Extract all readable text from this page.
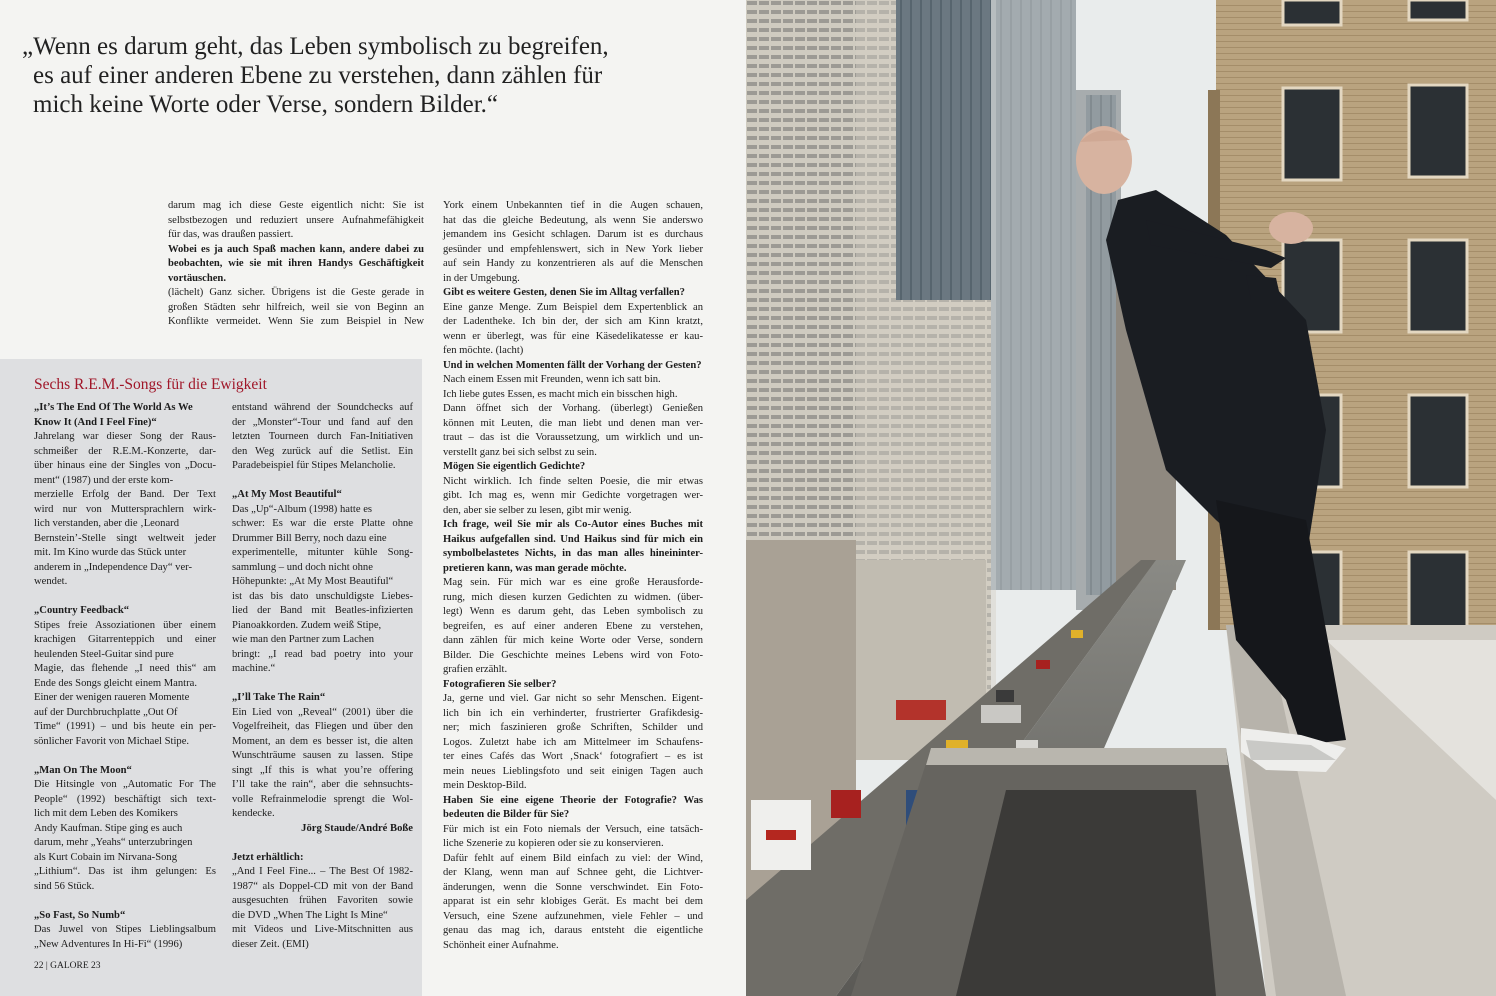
„Wenn es darum geht, das Leben symbolisch zu begreifen,
es auf einer anderen Ebene zu verstehen, dann zählen für
mich keine Worte oder Verse, sondern Bilder.“
darum mag ich diese Geste eigentlich nicht: Sie ist
selbstbezogen und reduziert unsere Aufnahmefähigkeit
für das, was draußen passiert.
Wobei es ja auch Spaß machen kann, andere dabei zu
beobachten, wie sie mit ihren Handys Geschäftigkeit
vortäuschen.
(lächelt) Ganz sicher. Übrigens ist die Geste gerade in
großen Städten sehr hilfreich, weil sie von Beginn an
Konflikte vermeidet. Wenn Sie zum Beispiel in New
York einem Unbekannten tief in die Augen schauen,
hat das die gleiche Bedeutung, als wenn Sie anderswo
jemandem ins Gesicht schlagen. Darum ist es durchaus
gesünder und empfehlenswert, sich in New York lieber
auf sein Handy zu konzentrieren als auf die Menschen
in der Umgebung.
Gibt es weitere Gesten, denen Sie im Alltag verfallen?
Eine ganze Menge. Zum Beispiel dem Expertenblick an
der Ladentheke. Ich bin der, der sich am Kinn kratzt,
wenn er überlegt, was für eine Käsedelikatesse er kau-
fen möchte. (lacht)
Und in welchen Momenten fällt der Vorhang der Gesten?
Nach einem Essen mit Freunden, wenn ich satt bin.
Ich liebe gutes Essen, es macht mich ein bisschen high.
Dann öffnet sich der Vorhang. (überlegt) Genießen
können mit Leuten, die man liebt und denen man ver-
traut – das ist die Voraussetzung, um wirklich und un-
verstellt ganz bei sich selbst zu sein.
Mögen Sie eigentlich Gedichte?
Nicht wirklich. Ich finde selten Poesie, die mir etwas
gibt. Ich mag es, wenn mir Gedichte vorgetragen wer-
den, aber sie selber zu lesen, gibt mir wenig.
Ich frage, weil Sie mir als Co-Autor eines Buches mit
Haikus aufgefallen sind. Und Haikus sind für mich ein
symbolbelastetes Nichts, in das man alles hineininter-
pretieren kann, was man gerade möchte.
Mag sein. Für mich war es eine große Herausforde-
rung, mich diesen kurzen Gedichten zu widmen. (über-
legt) Wenn es darum geht, das Leben symbolisch zu
begreifen, es auf einer anderen Ebene zu verstehen,
dann zählen für mich keine Worte oder Verse, sondern
Bilder. Die Geschichte meines Lebens wird von Foto-
grafien erzählt.
Fotografieren Sie selber?
Ja, gerne und viel. Gar nicht so sehr Menschen. Eigent-
lich bin ich ein verhinderter, frustrierter Grafikdesig-
ner; mich faszinieren große Schriften, Schilder und
Logos. Zuletzt habe ich am Mittelmeer im Schaufens-
ter eines Cafés das Wort ‚Snack‘ fotografiert – es ist
mein neues Lieblingsfoto und seit einigen Tagen auch
mein Desktop-Bild.
Haben Sie eine eigene Theorie der Fotografie? Was
bedeuten die Bilder für Sie?
Für mich ist ein Foto niemals der Versuch, eine tatsäch-
liche Szenerie zu kopieren oder sie zu konservieren.
Dafür fehlt auf einem Bild einfach zu viel: der Wind,
der Klang, wenn man auf Schnee geht, die Lichtver-
änderungen, wenn die Sonne verschwindet. Ein Foto-
apparat ist ein sehr klobiges Gerät. Es macht bei dem
Versuch, eine Szene aufzunehmen, viele Fehler – und
genau das mag ich, daraus entsteht die eigentliche
Schönheit einer Aufnahme.
Sechs R.E.M.-Songs für die Ewigkeit
„It’s The End Of The World As We
Know It (And I Feel Fine)“
Jahrelang war dieser Song der Raus-
schmeißer der R.E.M.-Konzerte, dar-
über hinaus eine der Singles von „Docu-
ment“ (1987) und der erste kom-
merzielle Erfolg der Band. Der Text
wird nur von Muttersprachlern wirk-
lich verstanden, aber die ‚Leonard
Bernstein’-Stelle singt weltweit jeder
mit. Im Kino wurde das Stück unter
anderem in „Independence Day“ ver-
wendet.
„Country Feedback“
Stipes freie Assoziationen über einem
krachigen Gitarrenteppich und einer
heulenden Steel-Guitar sind pure
Magie, das flehende „I need this“ am
Ende des Songs gleicht einem Mantra.
Einer der wenigen raueren Momente
auf der Durchbruchplatte „Out Of
Time“ (1991) – und bis heute ein per-
sönlicher Favorit von Michael Stipe.
„Man On The Moon“
Die Hitsingle von „Automatic For The
People“ (1992) beschäftigt sich text-
lich mit dem Leben des Komikers
Andy Kaufman. Stipe ging es auch
darum, mehr „Yeahs“ unterzubringen
als Kurt Cobain im Nirvana-Song
„Lithium“. Das ist ihm gelungen: Es
sind 56 Stück.
„So Fast, So Numb“
Das Juwel von Stipes Lieblingsalbum
„New Adventures In Hi-Fi“ (1996)
entstand während der Soundchecks auf
der „Monster“-Tour und fand auf den
letzten Tourneen durch Fan-Initiativen
den Weg zurück auf die Setlist. Ein
Paradebeispiel für Stipes Melancholie.
„At My Most Beautiful“
Das „Up“-Album (1998) hatte es
schwer: Es war die erste Platte ohne
Drummer Bill Berry, noch dazu eine
experimentelle, mitunter kühle Song-
sammlung – und doch nicht ohne
Höhepunkte: „At My Most Beautiful“
ist das bis dato unschuldigste Liebes-
lied der Band mit Beatles-infizierten
Pianoakkorden. Zudem weiß Stipe,
wie man den Partner zum Lachen
bringt: „I read bad poetry into your
machine.“
„I’ll Take The Rain“
Ein Lied von „Reveal“ (2001) über die
Vogelfreiheit, das Fliegen und über den
Moment, an dem es besser ist, die alten
Wunschträume sausen zu lassen. Stipe
singt „If this is what you’re offering
I’ll take the rain“, aber die sehnsuchts-
volle Refrainmelodie sprengt die Wol-
kendecke.
Jörg Staude/André Boße
Jetzt erhältlich:
„And I Feel Fine... – The Best Of 1982-
1987“ als Doppel-CD mit von der Band
ausgesuchten frühen Favoriten sowie
die DVD „When The Light Is Mine“
mit Videos und Live-Mitschnitten aus
dieser Zeit. (EMI)
22 | GALORE 23
